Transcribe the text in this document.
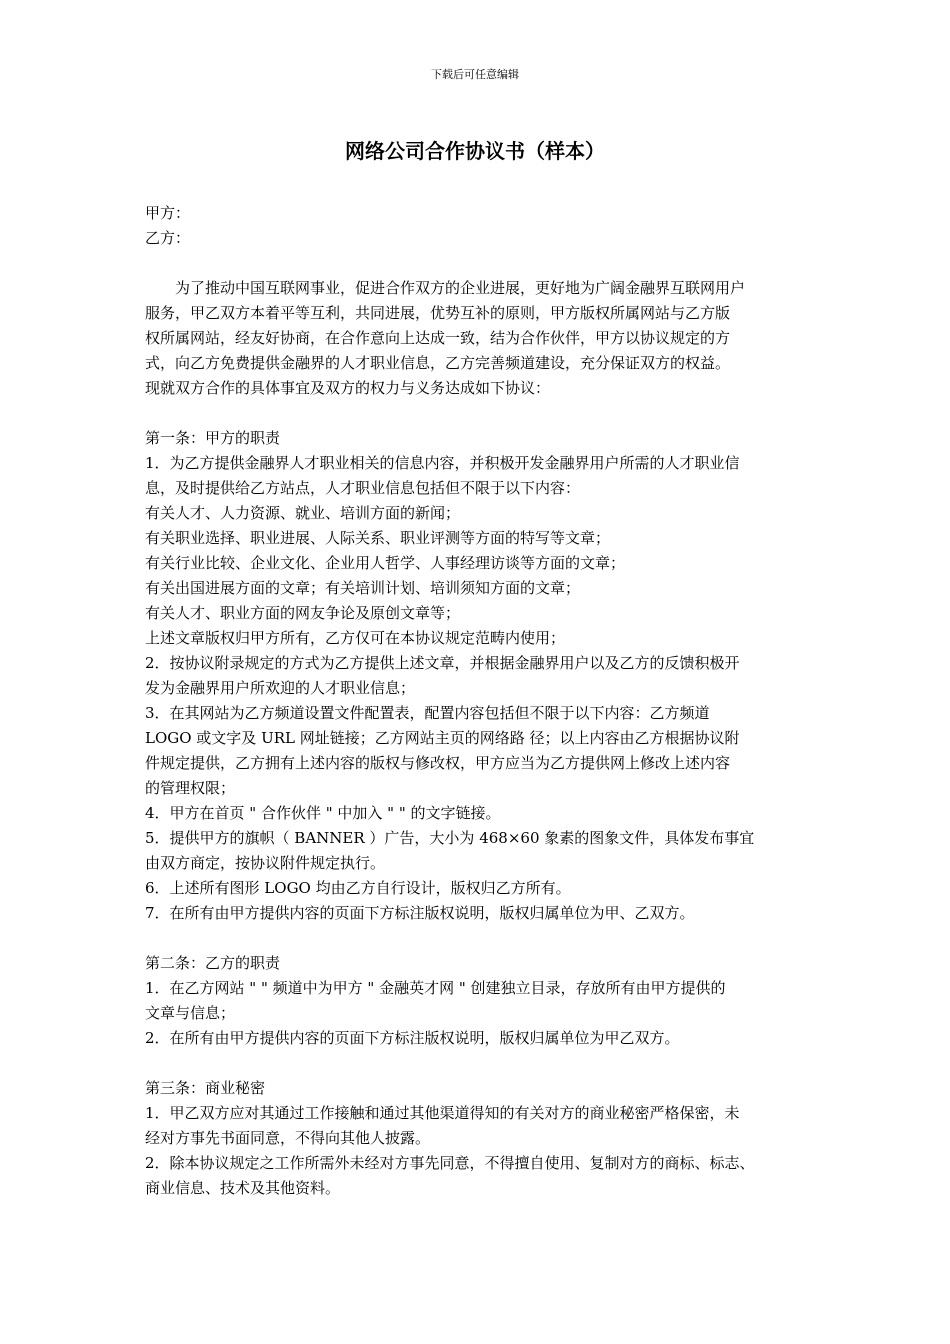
下载后可任意编辑
网络公司合作协议书（样本）
甲方：
乙方：
为了推动中国互联网事业，促进合作双方的企业进展，更好地为广阔金融界互联网用户
服务，甲乙双方本着平等互利，共同进展，优势互补的原则，甲方版权所属网站与乙方版
权所属网站，经友好协商，在合作意向上达成一致，结为合作伙伴，甲方以协议规定的方
式，向乙方免费提供金融界的人才职业信息，乙方完善频道建设，充分保证双方的权益。
现就双方合作的具体事宜及双方的权力与义务达成如下协议：
第一条：甲方的职责
1．为乙方提供金融界人才职业相关的信息内容，并积极开发金融界用户所需的人才职业信
息，及时提供给乙方站点，人才职业信息包括但不限于以下内容：
有关人才、人力资源、就业、培训方面的新闻；
有关职业选择、职业进展、人际关系、职业评测等方面的特写等文章；
有关行业比较、企业文化、企业用人哲学、人事经理访谈等方面的文章；
有关出国进展方面的文章；有关培训计划、培训须知方面的文章；
有关人才、职业方面的网友争论及原创文章等；
上述文章版权归甲方所有，乙方仅可在本协议规定范畴内使用；
2．按协议附录规定的方式为乙方提供上述文章，并根据金融界用户以及乙方的反馈积极开
发为金融界用户所欢迎的人才职业信息；
3．在其网站为乙方频道设置文件配置表，配置内容包括但不限于以下内容：乙方频道
LOGO 或文字及 URL 网址链接；乙方网站主页的网络路 径；以上内容由乙方根据协议附
件规定提供，乙方拥有上述内容的版权与修改权，甲方应当为乙方提供网上修改上述内容
的管理权限；
4．甲方在首页 " 合作伙伴 " 中加入 " " 的文字链接。
5．提供甲方的旗帜（ BANNER ）广告，大小为 468×60 象素的图象文件，具体发布事宜
由双方商定，按协议附件规定执行。
6．上述所有图形 LOGO 均由乙方自行设计，版权归乙方所有。
7．在所有由甲方提供内容的页面下方标注版权说明，版权归属单位为甲、乙双方。
第二条：乙方的职责
1．在乙方网站 " " 频道中为甲方 " 金融英才网 " 创建独立目录，存放所有由甲方提供的
文章与信息；
2．在所有由甲方提供内容的页面下方标注版权说明，版权归属单位为甲乙双方。
第三条：商业秘密
1．甲乙双方应对其通过工作接触和通过其他渠道得知的有关对方的商业秘密严格保密，未
经对方事先书面同意，不得向其他人披露。
2．除本协议规定之工作所需外未经对方事先同意，不得擅自使用、复制对方的商标、标志、
商业信息、技术及其他资料。
